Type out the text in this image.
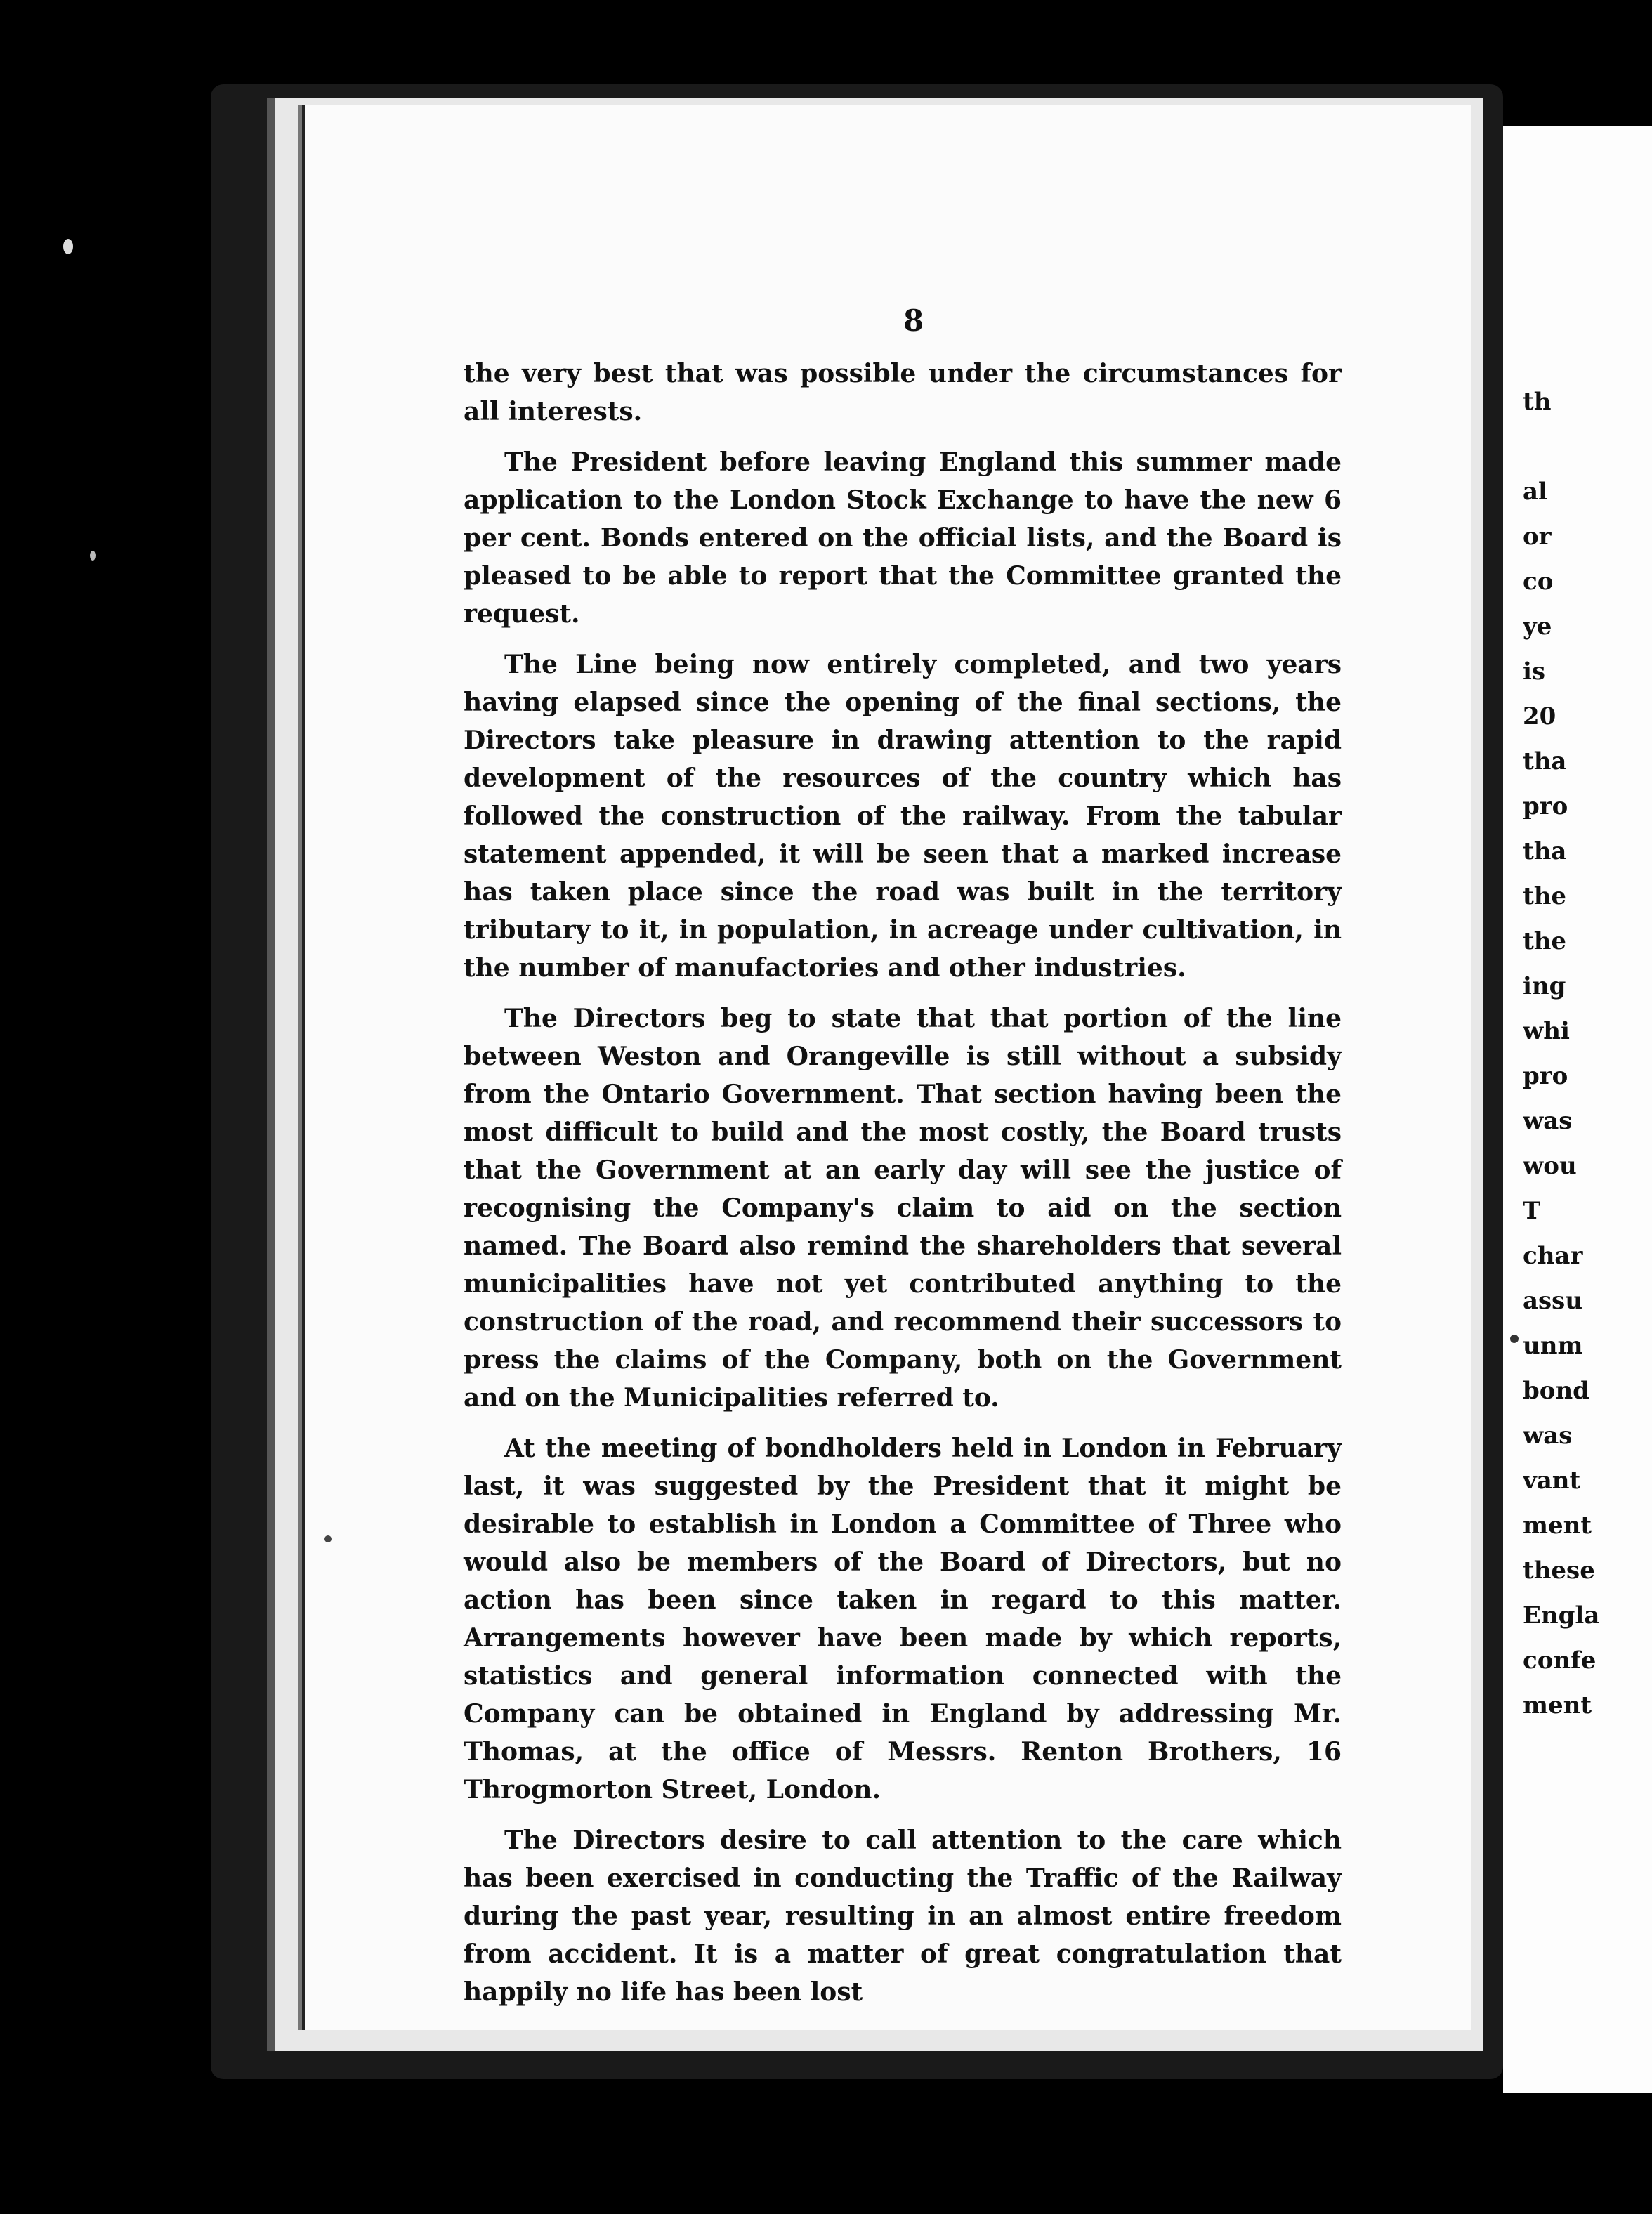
th
al
or
co
ye
is
20
tha
pro
tha
the
the
ing
whi
pro
was
wou
T
char
assu
unm
bond
was
vant
ment
these
Engla
confe
ment
8

the very best that was possible under the circumstances for all interests.

The President before leaving England this summer made application to the London Stock Exchange to have the new 6 per cent. Bonds entered on the official lists, and the Board is pleased to be able to report that the Committee granted the request.

The Line being now entirely completed, and two years having elapsed since the opening of the final sections, the Directors take pleasure in drawing attention to the rapid development of the resources of the country which has followed the construction of the railway. From the tabular statement appended, it will be seen that a marked increase has taken place since the road was built in the territory tributary to it, in population, in acreage under cultivation, in the number of manufactories and other industries.

The Directors beg to state that that portion of the line between Weston and Orangeville is still without a subsidy from the Ontario Government. That section having been the most difficult to build and the most costly, the Board trusts that the Government at an early day will see the justice of recognising the Company's claim to aid on the section named. The Board also remind the shareholders that several municipalities have not yet contributed anything to the construction of the road, and recommend their successors to press the claims of the Company, both on the Government and on the Municipalities referred to.

At the meeting of bondholders held in London in February last, it was suggested by the President that it might be desirable to establish in London a Committee of Three who would also be members of the Board of Directors, but no action has been since taken in regard to this matter. Arrangements however have been made by which reports, statistics and general information connected with the Company can be obtained in England by addressing Mr. Thomas, at the office of Messrs. Renton Brothers, 16 Throgmorton Street, London.

The Directors desire to call attention to the care which has been exercised in conducting the Traffic of the Railway during the past year, resulting in an almost entire freedom from accident. It is a matter of great congratulation that happily no life has been lost
